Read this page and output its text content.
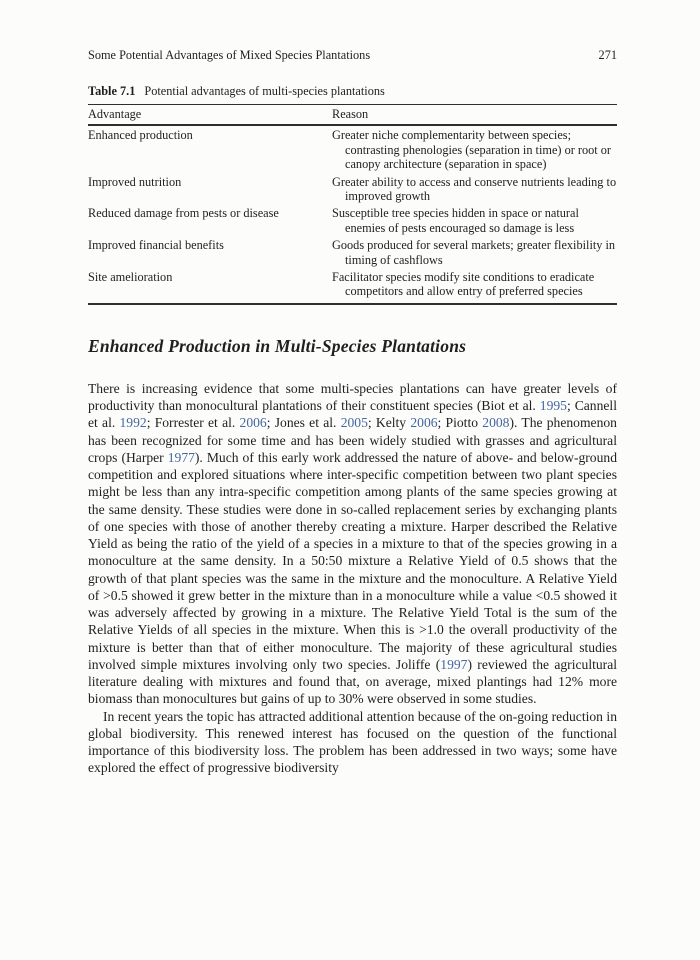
Some Potential Advantages of Mixed Species Plantations	271
Table 7.1 Potential advantages of multi-species plantations
Advantage	Reason
Enhanced production	Greater niche complementarity between species; contrasting phenologies (separation in time) or root or canopy architecture (separation in space)

Improved nutrition	Greater ability to access and conserve nutrients leading to improved growth

Reduced damage from pests or disease	Susceptible tree species hidden in space or natural enemies of pests encouraged so damage is less

Improved financial benefits	Goods produced for several markets; greater flexibility in timing of cashflows

Site amelioration	Facilitator species modify site conditions to eradicate competitors and allow entry of preferred species
Enhanced Production in Multi-Species Plantations

There is increasing evidence that some multi-species plantations can have greater levels of productivity than monocultural plantations of their constituent species (Biot et al. 1995; Cannell et al. 1992; Forrester et al. 2006; Jones et al. 2005; Kelty 2006; Piotto 2008). The phenomenon has been recognized for some time and has been widely studied with grasses and agricultural crops (Harper 1977). Much of this early work addressed the nature of above- and below-ground competition and explored situations where inter-specific competition between two plant species might be less than any intra-specific competition among plants of the same species growing at the same density. These studies were done in so-called replacement series by exchanging plants of one species with those of another thereby creating a mixture. Harper described the Relative Yield as being the ratio of the yield of a species in a mixture to that of the species growing in a monoculture at the same density. In a 50:50 mixture a Relative Yield of 0.5 shows that the growth of that plant species was the same in the mixture and the monoculture. A Relative Yield of >0.5 showed it grew better in the mixture than in a monoculture while a value <0.5 showed it was adversely affected by growing in a mixture. The Relative Yield Total is the sum of the Relative Yields of all species in the mixture. When this is >1.0 the overall productivity of the mixture is better than that of either monoculture. The majority of these agricultural studies involved simple mixtures involving only two species. Joliffe (1997) reviewed the agricultural literature dealing with mixtures and found that, on average, mixed plantings had 12% more biomass than monocultures but gains of up to 30% were observed in some studies.

In recent years the topic has attracted additional attention because of the on-going reduction in global biodiversity. This renewed interest has focused on the question of the functional importance of this biodiversity loss. The problem has been addressed in two ways; some have explored the effect of progressive biodiversity
